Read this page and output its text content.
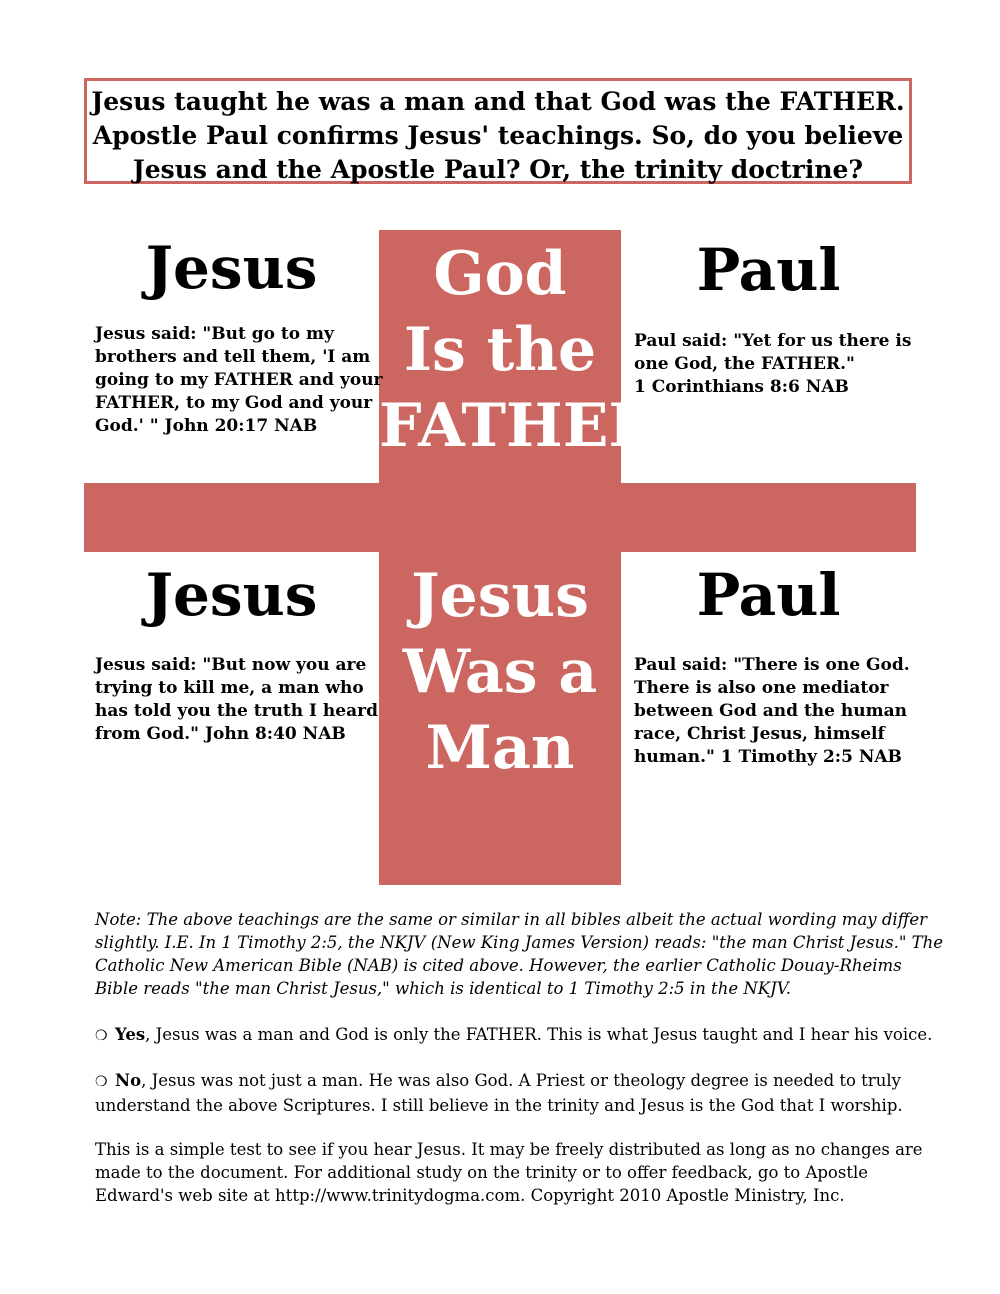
Jesus taught he was a man and that God was the FATHER.
Apostle Paul confirms Jesus' teachings. So, do you believe
Jesus and the Apostle Paul? Or, the trinity doctrine?
God
Is the
FATHER
Jesus
Was a
Man
Jesus	Paul
Jesus	Paul
Jesus said: "But go to my
brothers and tell them, 'I am
going to my FATHER and your
FATHER, to my God and your
God.' " John 20:17 NAB
Paul said: "Yet for us there is
one God, the FATHER."
1 Corinthians 8:6 NAB
Jesus said: "But now you are
trying to kill me, a man who
has told you the truth I heard
from God." John 8:40 NAB
Paul said: "There is one God.
There is also one mediator
between God and the human
race, Christ Jesus, himself
human." 1 Timothy 2:5 NAB
Note: The above teachings are the same or similar in all bibles albeit the actual wording may differ
slightly. I.E. In 1 Timothy 2:5, the NKJV (New King James Version) reads: "the man Christ Jesus." The
Catholic New American Bible (NAB) is cited above. However, the earlier Catholic Douay-Rheims
Bible reads "the man Christ Jesus," which is identical to 1 Timothy 2:5 in the NKJV.
❍ Yes, Jesus was a man and God is only the FATHER. This is what Jesus taught and I hear his voice.
❍ No, Jesus was not just a man. He was also God. A Priest or theology degree is needed to truly
understand the above Scriptures. I still believe in the trinity and Jesus is the God that I worship.
This is a simple test to see if you hear Jesus. It may be freely distributed as long as no changes are
made to the document. For additional study on the trinity or to offer feedback, go to Apostle
Edward's web site at http://www.trinitydogma.com. Copyright 2010 Apostle Ministry, Inc.
